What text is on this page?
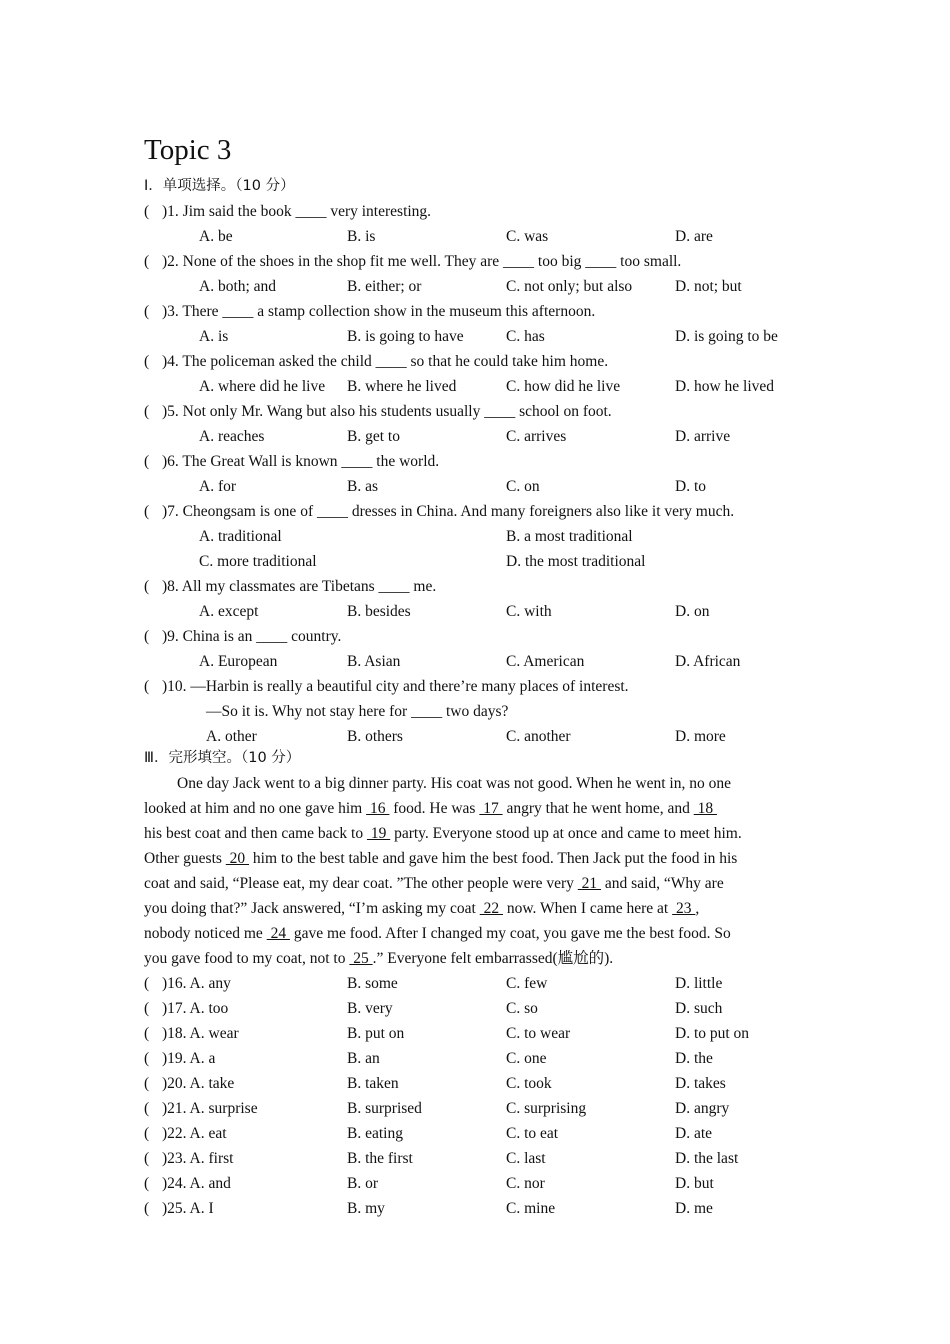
Topic 3
Ⅰ．单项选择。（10 分）
( )1. Jim said the book ____ very interesting.
A. be	B. is	C. was	D. are
( )2. None of the shoes in the shop fit me well. They are ____ too big ____ too small.
A. both; and	B. either; or	C. not only; but also	D. not; but
( )3. There ____ a stamp collection show in the museum this afternoon.
A. is	B. is going to have	C. has	D. is going to be
( )4. The policeman asked the child ____ so that he could take him home.
A. where did he live B. where he lived	C. how did he live	D. how he lived
( )5. Not only Mr. Wang but also his students usually ____ school on foot.
A. reaches	B. get to	C. arrives	D. arrive
( )6. The Great Wall is known ____ the world.
A. for	B. as	C. on	D. to
( )7. Cheongsam is one of ____ dresses in China. And many foreigners also like it very much.
A. traditional	B. a most traditional
C. more traditional	D. the most traditional
( )8. All my classmates are Tibetans ____ me.
A. except	B. besides	C. with	D. on
( )9. China is an ____ country.
A. European	B. Asian	C. American	D. African
( )10. —Harbin is really a beautiful city and there’re many places of interest.
—So it is. Why not stay here for ____ two days?
A. other	B. others	C. another	D. more
Ⅲ．完形填空。（10 分）
One day Jack went to a big dinner party. His coat was not good. When he went in, no one
looked at him and no one gave him  16  food. He was  17  angry that he went home, and  18
his best coat and then came back to  19  party. Everyone stood up at once and came to meet him.
Other guests  20  him to the best table and gave him the best food. Then Jack put the food in his
coat and said, “Please eat, my dear coat. ”The other people were very  21  and said, “Why are
you doing that?” Jack answered, “I’m asking my coat  22  now. When I came here at  23 ,
nobody noticed me  24  gave me food. After I changed my coat, you gave me the best food. So
you gave food to my coat, not to  25 .” Everyone felt embarrassed(尴尬的).
( )16. A. any	B. some	C. few	D. little
( )17. A. too	B. very	C. so	D. such
( )18. A. wear	B. put on	C. to wear	D. to put on
( )19. A. a	B. an	C. one	D. the
( )20. A. take	B. taken	C. took	D. takes
( )21. A. surprise	B. surprised	C. surprising	D. angry
( )22. A. eat	B. eating	C. to eat	D. ate
( )23. A. first	B. the first	C. last	D. the last
( )24. A. and	B. or	C. nor	D. but
( )25. A. I	B. my	C. mine	D. me
